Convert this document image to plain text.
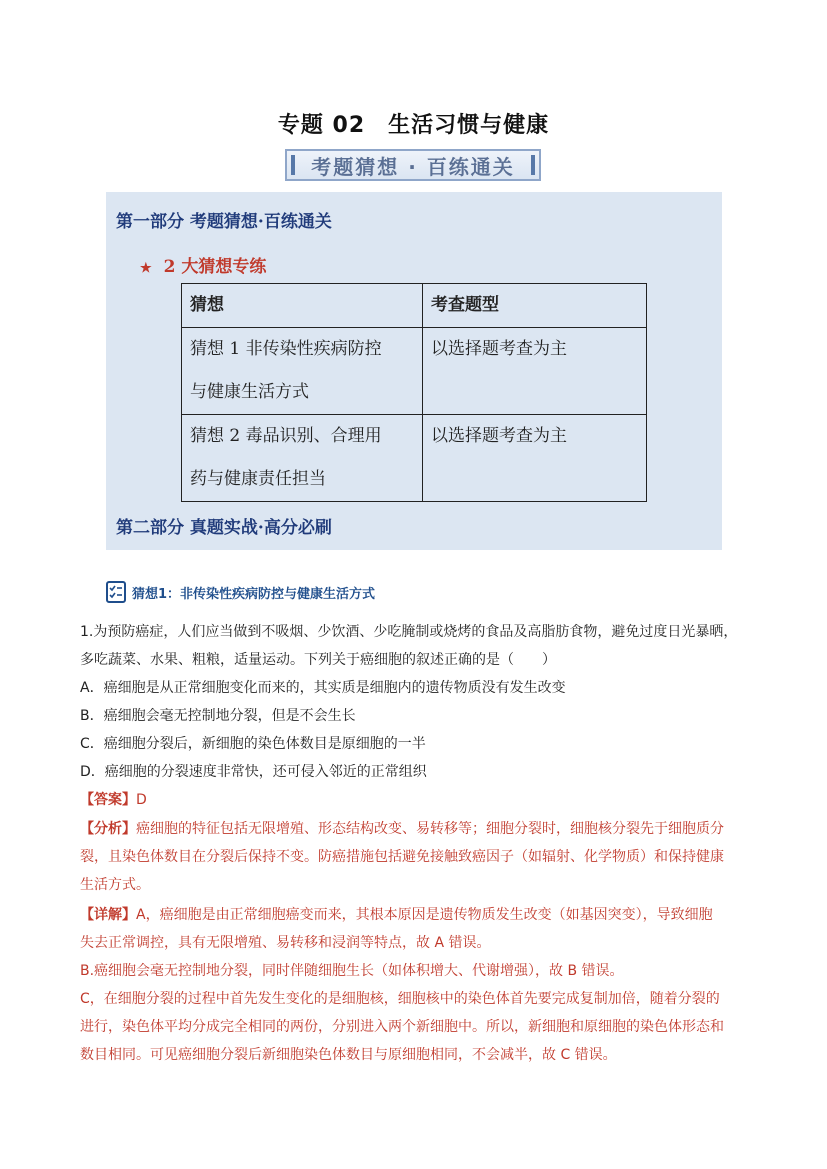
专题 02　生活习惯与健康
考题猜想 · 百练通关
第一部分 考题猜想·百练通关
★ 2 大猜想专练
猜想	考查题型

猜想 1 非传染性疾病防控
与健康生活方式	以选择题考查为主

猜想 2 毒品识别、合理用
药与健康责任担当	以选择题考查为主
第二部分 真题实战·高分必刷
猜想1：非传染性疾病防控与健康生活方式
1.为预防癌症，人们应当做到不吸烟、少饮酒、少吃腌制或烧烤的食品及高脂肪食物，避免过度日光暴晒，
多吃蔬菜、水果、粗粮，适量运动。下列关于癌细胞的叙述正确的是（　　）
A．癌细胞是从正常细胞变化而来的，其实质是细胞内的遗传物质没有发生改变
B．癌细胞会毫无控制地分裂，但是不会生长
C．癌细胞分裂后，新细胞的染色体数目是原细胞的一半
D．癌细胞的分裂速度非常快，还可侵入邻近的正常组织
【答案】D
【分析】癌细胞的特征包括无限增殖、形态结构改变、易转移等；细胞分裂时，细胞核分裂先于细胞质分
裂，且染色体数目在分裂后保持不变。防癌措施包括避免接触致癌因子（如辐射、化学物质）和保持健康
生活方式。
【详解】A，癌细胞是由正常细胞癌变而来，其根本原因是遗传物质发生改变（如基因突变），导致细胞
失去正常调控，具有无限增殖、易转移和浸润等特点，故 A 错误。
B.癌细胞会毫无控制地分裂，同时伴随细胞生长（如体积增大、代谢增强），故 B 错误。
C，在细胞分裂的过程中首先发生变化的是细胞核，细胞核中的染色体首先要完成复制加倍，随着分裂的
进行，染色体平均分成完全相同的两份，分别进入两个新细胞中。所以，新细胞和原细胞的染色体形态和
数目相同。可见癌细胞分裂后新细胞染色体数目与原细胞相同，不会减半，故 C 错误。
